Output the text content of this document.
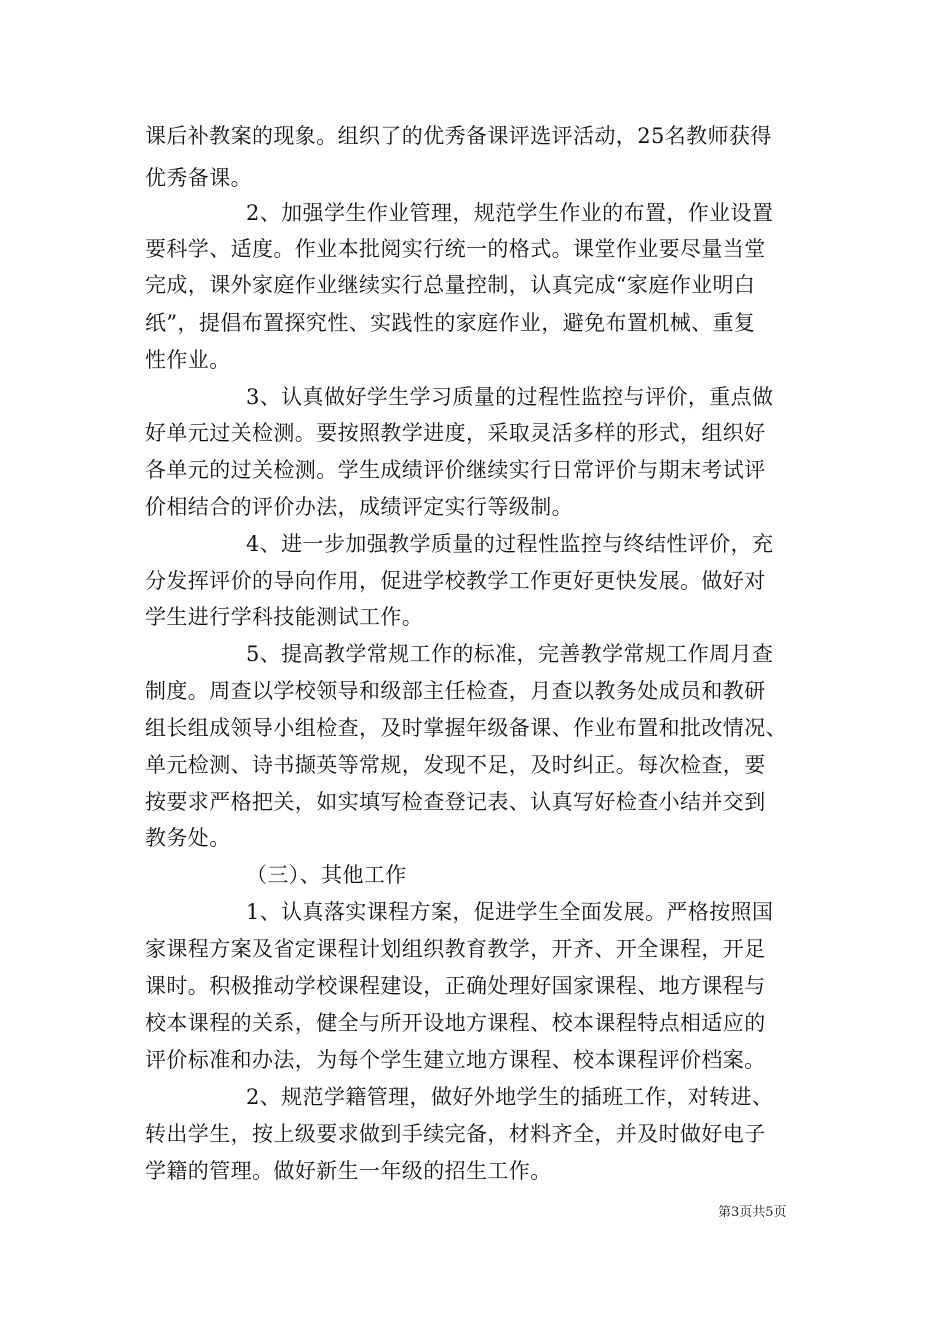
课后补教案的现象。组织了的优秀备课评选评活动，25名教师获得
优秀备课。
2、加强学生作业管理，规范学生作业的布置，作业设置
要科学、适度。作业本批阅实行统一的格式。课堂作业要尽量当堂
完成，课外家庭作业继续实行总量控制，认真完成“家庭作业明白
纸”，提倡布置探究性、实践性的家庭作业，避免布置机械、重复
性作业。
3、认真做好学生学习质量的过程性监控与评价，重点做
好单元过关检测。要按照教学进度，采取灵活多样的形式，组织好
各单元的过关检测。学生成绩评价继续实行日常评价与期末考试评
价相结合的评价办法，成绩评定实行等级制。
4、进一步加强教学质量的过程性监控与终结性评价，充
分发挥评价的导向作用，促进学校教学工作更好更快发展。做好对
学生进行学科技能测试工作。
5、提高教学常规工作的标准，完善教学常规工作周月查
制度。周查以学校领导和级部主任检查，月查以教务处成员和教研
组长组成领导小组检查，及时掌握年级备课、作业布置和批改情况、
单元检测、诗书撷英等常规，发现不足，及时纠正。每次检查，要
按要求严格把关，如实填写检查登记表、认真写好检查小结并交到
教务处。
（三）、其他工作
1、认真落实课程方案，促进学生全面发展。严格按照国
家课程方案及省定课程计划组织教育教学，开齐、开全课程，开足
课时。积极推动学校课程建设，正确处理好国家课程、地方课程与
校本课程的关系，健全与所开设地方课程、校本课程特点相适应的
评价标准和办法，为每个学生建立地方课程、校本课程评价档案。
2、规范学籍管理，做好外地学生的插班工作，对转进、
转出学生，按上级要求做到手续完备，材料齐全，并及时做好电子
学籍的管理。做好新生一年级的招生工作。
第3页共5页
